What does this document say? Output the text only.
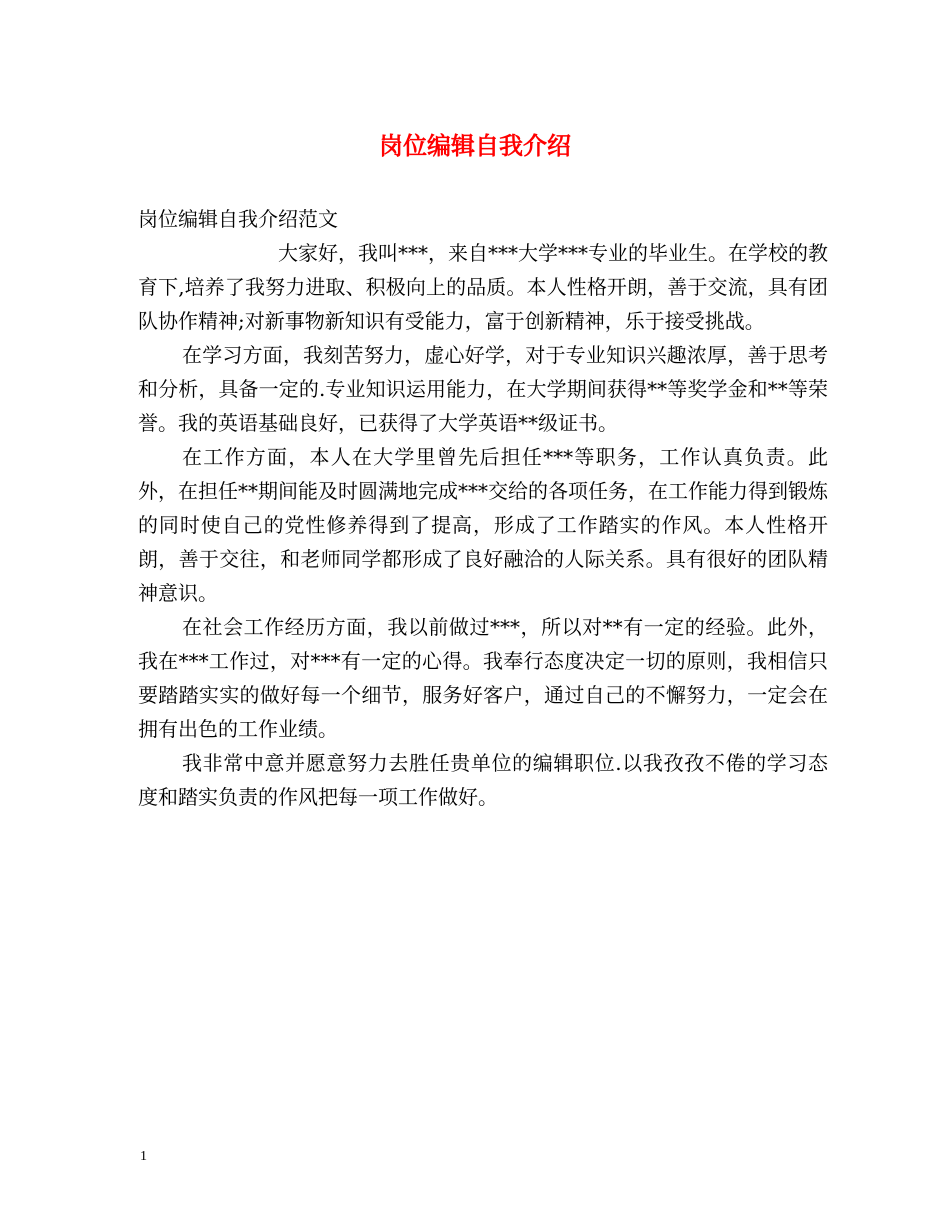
岗位编辑自我介绍

岗位编辑自我介绍范文

大家好，我叫***，来自***大学***专业的毕业生。在学校的教育下,培养了我努力进取、积极向上的品质。本人性格开朗，善于交流，具有团队协作精神;对新事物新知识有受能力，富于创新精神，乐于接受挑战。

在学习方面，我刻苦努力，虚心好学，对于专业知识兴趣浓厚，善于思考和分析，具备一定的.专业知识运用能力，在大学期间获得**等奖学金和**等荣誉。我的英语基础良好，已获得了大学英语**级证书。

在工作方面，本人在大学里曾先后担任***等职务，工作认真负责。此外，在担任**期间能及时圆满地完成***交给的各项任务，在工作能力得到锻炼的同时使自己的党性修养得到了提高，形成了工作踏实的作风。本人性格开朗，善于交往，和老师同学都形成了良好融洽的人际关系。具有很好的团队精神意识。

在社会工作经历方面，我以前做过***，所以对**有一定的经验。此外，我在***工作过，对***有一定的心得。我奉行态度决定一切的原则，我相信只要踏踏实实的做好每一个细节，服务好客户，通过自己的不懈努力，一定会在拥有出色的工作业绩。

我非常中意并愿意努力去胜任贵单位的编辑职位.以我孜孜不倦的学习态度和踏实负责的作风把每一项工作做好。

1
